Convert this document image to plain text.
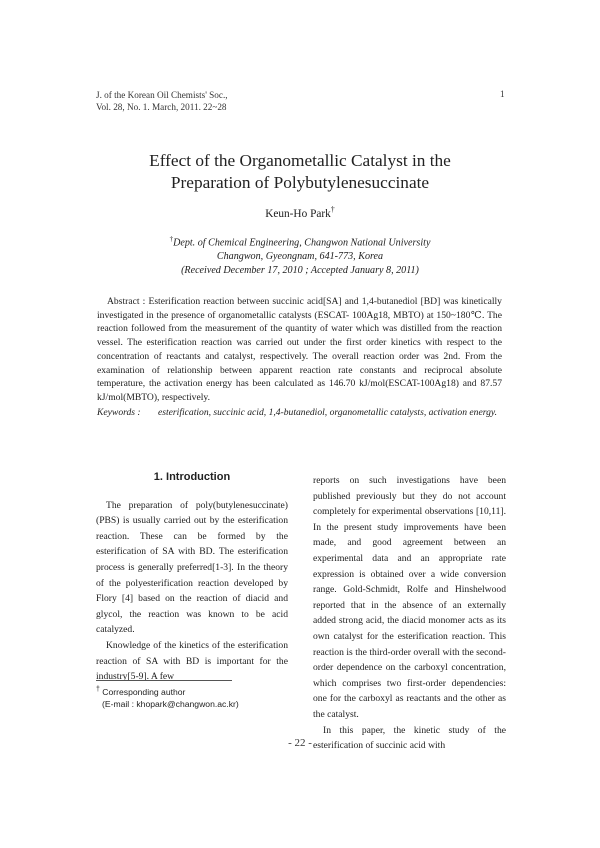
J. of the Korean Oil Chemists' Soc.,
Vol. 28, No. 1. March, 2011. 22~28
1
Effect of the Organometallic Catalyst in the
Preparation of Polybutylenesuccinate
Keun-Ho Park†
†Dept. of Chemical Engineering, Changwon National University
Changwon, Gyeongnam, 641-773, Korea
(Received December 17, 2010 ; Accepted January 8, 2011)
Abstract : Esterification reaction between succinic acid[SA] and 1,4-butanediol [BD] was kinetically investigated in the presence of organometallic catalysts (ESCAT- 100Ag18, MBTO) at 150~180℃. The reaction followed from the measurement of the quantity of water which was distilled from the reaction vessel. The esterification reaction was carried out under the first order kinetics with respect to the concentration of reactants and catalyst, respectively. The overall reaction order was 2nd. From the examination of relationship between apparent reaction rate constants and reciprocal absolute temperature, the activation energy has been calculated as 146.70 kJ/mol(ESCAT-100Ag18) and 87.57 kJ/mol(MBTO), respectively.
Keywords :	esterification, succinic acid, 1,4-butanediol, organometallic catalysts, activation energy.
1. Introduction

The preparation of poly(butylenesuccinate) (PBS) is usually carried out by the esterification reaction. These can be formed by the esterification of SA with BD. The esterification process is generally preferred[1-3]. In the theory of the polyesterification reaction developed by Flory [4] based on the reaction of diacid and glycol, the reaction was known to be acid catalyzed.

Knowledge of the kinetics of the esterification reaction of SA with BD is important for the industry[5-9]. A few

reports on such investigations have been published previously but they do not account completely for experimental observations [10,11]. In the present study improvements have been made, and good agreement between an experimental data and an appropriate rate expression is obtained over a wide conversion range. Gold-Schmidt, Rolfe and Hinshelwood reported that in the absence of an externally added strong acid, the diacid monomer acts as its own catalyst for the esterification reaction. This reaction is the third-order overall with the second-order dependence on the carboxyl concentration, which comprises two first-order dependencies: one for the carboxyl as reactants and the other as the catalyst.

In this paper, the kinetic study of the esterification of succinic acid with

† Corresponding author
(E-mail : khopark@changwon.ac.kr)
- 22 -
